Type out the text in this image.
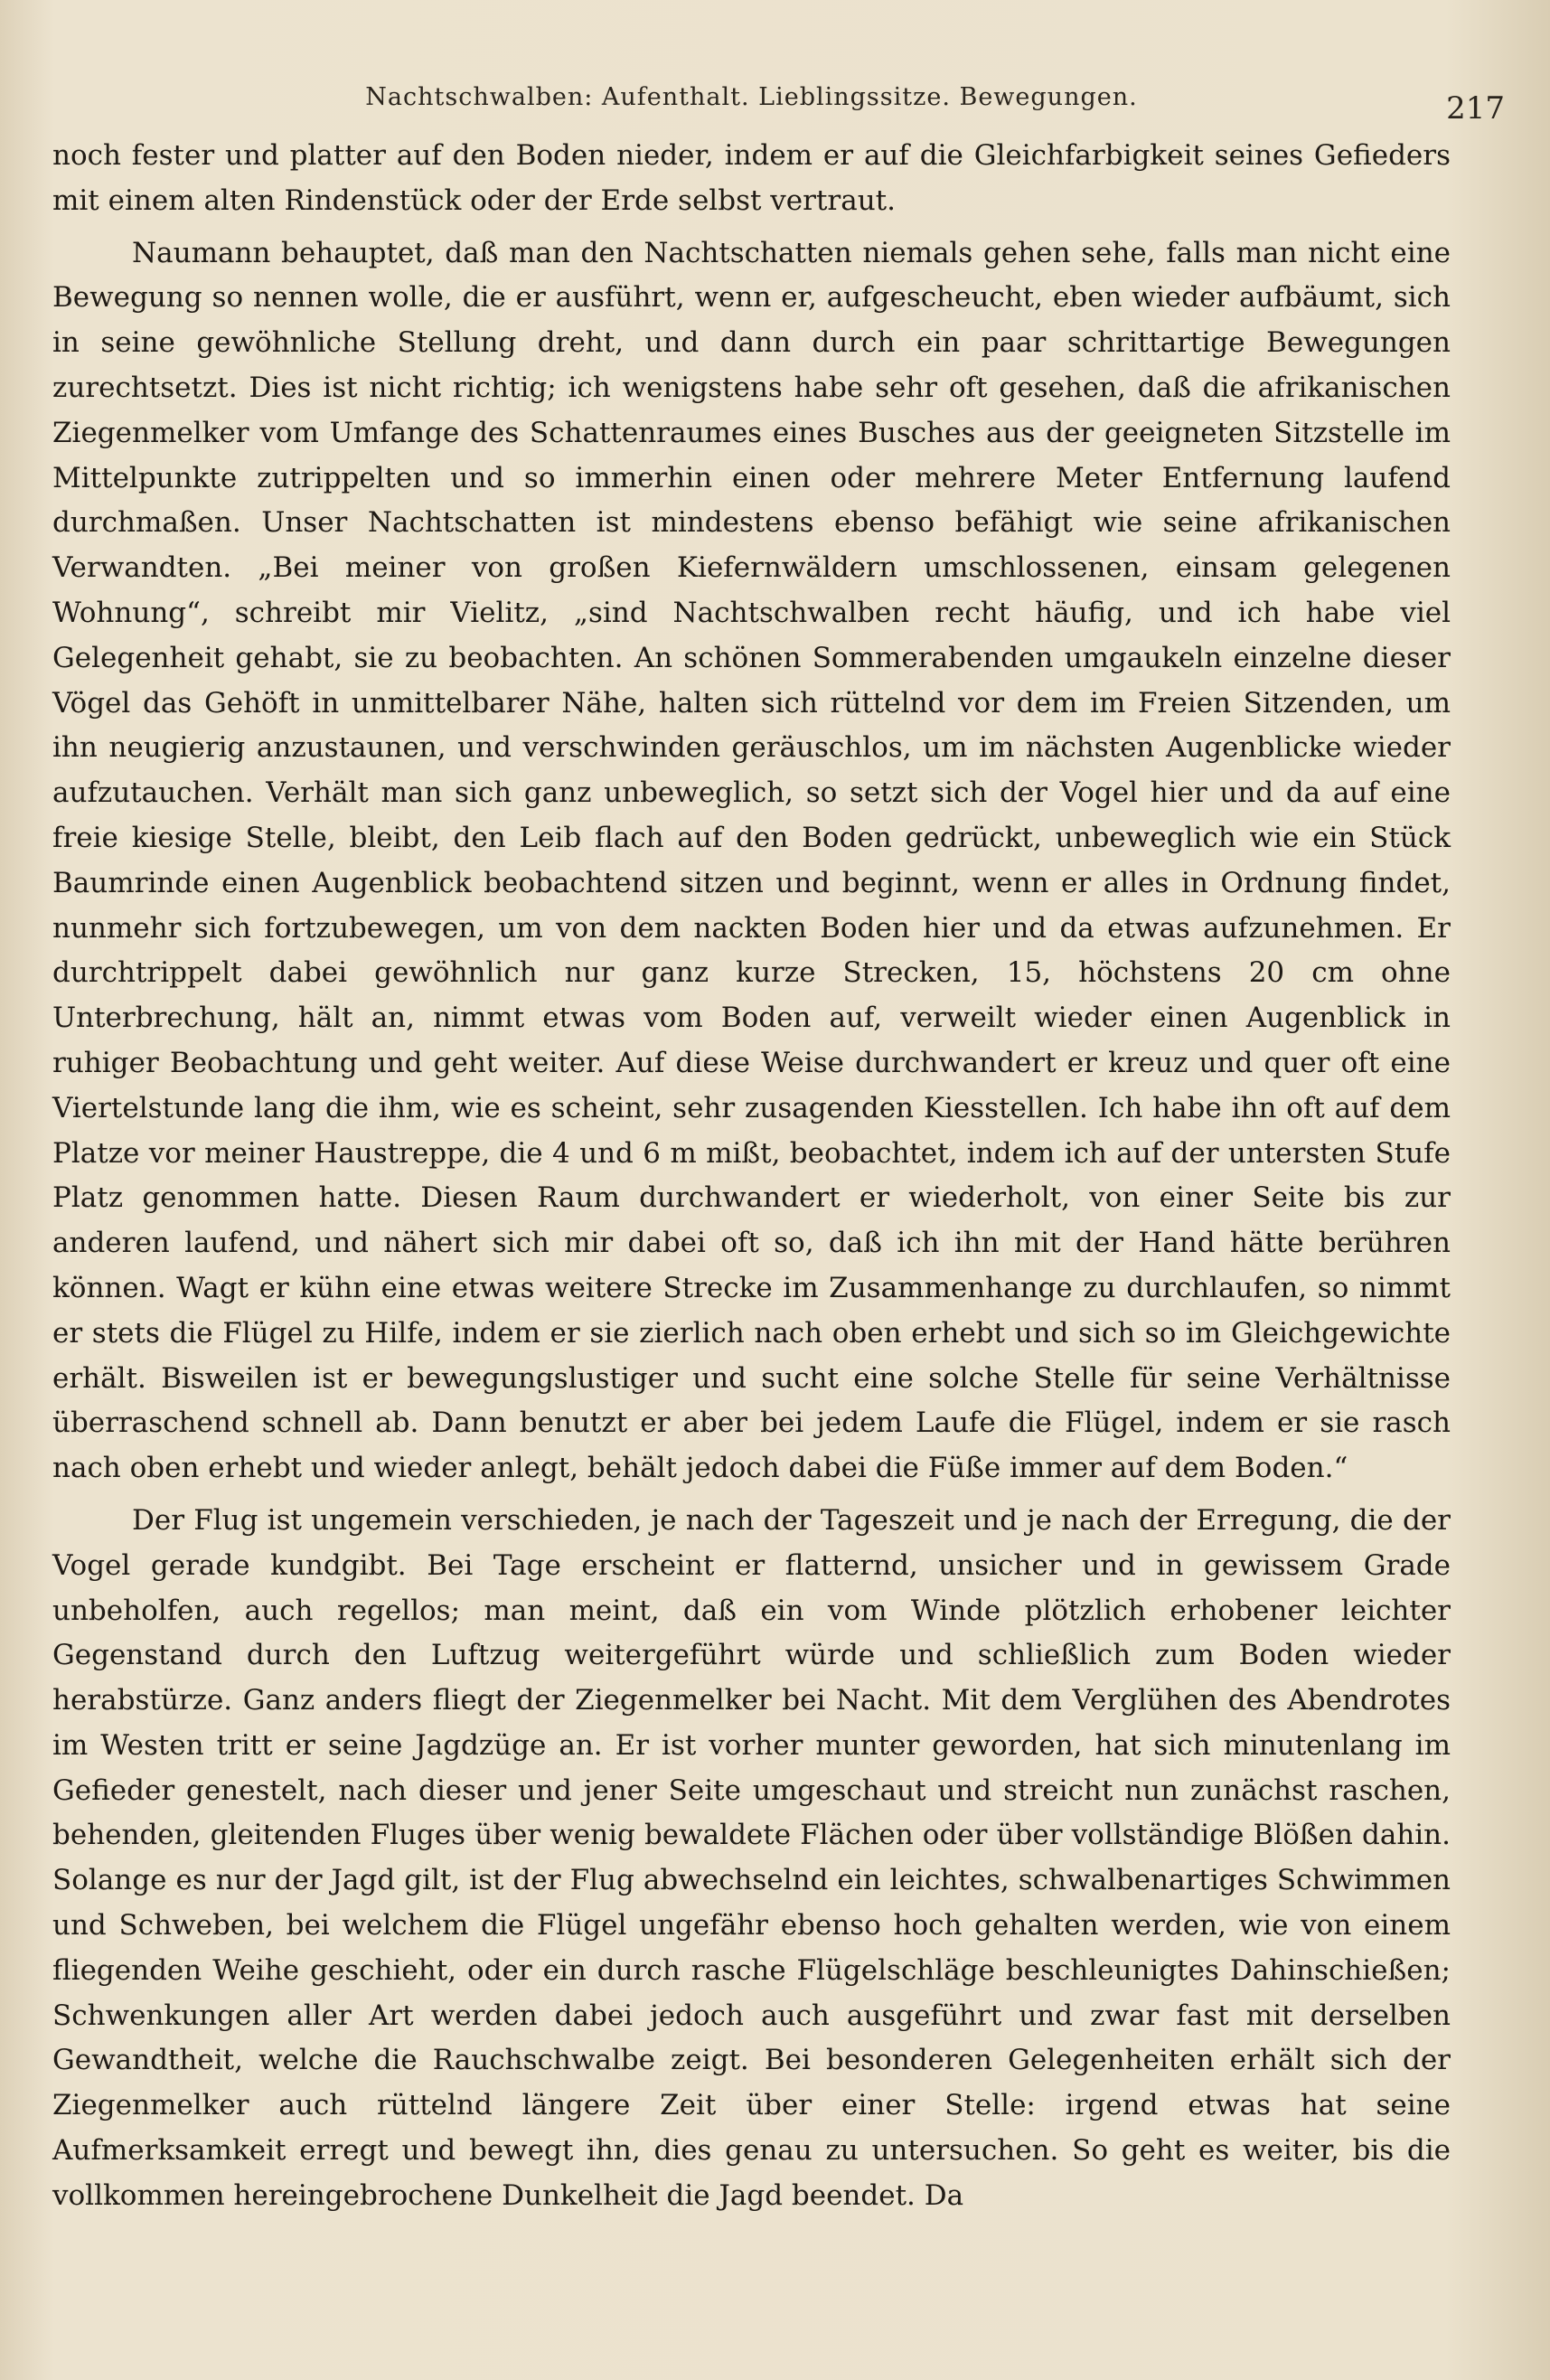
Nachtschwalben: Aufenthalt. Lieblingssitze. Bewegungen.	217

noch fester und platter auf den Boden nieder, indem er auf die Gleichfarbigkeit seines Gefieders mit einem alten Rindenstück oder der Erde selbst vertraut.

Naumann behauptet, daß man den Nachtschatten niemals gehen sehe, falls man nicht eine Bewegung so nennen wolle, die er ausführt, wenn er, aufgescheucht, eben wieder aufbäumt, sich in seine gewöhnliche Stellung dreht, und dann durch ein paar schrittartige Bewegungen zurechtsetzt. Dies ist nicht richtig; ich wenigstens habe sehr oft gesehen, daß die afrikanischen Ziegenmelker vom Umfange des Schattenraumes eines Busches aus der geeigneten Sitzstelle im Mittelpunkte zutrippelten und so immerhin einen oder mehrere Meter Entfernung laufend durchmaßen. Unser Nachtschatten ist mindestens ebenso befähigt wie seine afrikanischen Verwandten. „Bei meiner von großen Kiefernwäldern umschlossenen, einsam gelegenen Wohnung“, schreibt mir Vielitz, „sind Nachtschwalben recht häufig, und ich habe viel Gelegenheit gehabt, sie zu beobachten. An schönen Sommerabenden umgaukeln einzelne dieser Vögel das Gehöft in unmittelbarer Nähe, halten sich rüttelnd vor dem im Freien Sitzenden, um ihn neugierig anzustaunen, und verschwinden geräuschlos, um im nächsten Augenblicke wieder aufzutauchen. Verhält man sich ganz unbeweglich, so setzt sich der Vogel hier und da auf eine freie kiesige Stelle, bleibt, den Leib flach auf den Boden gedrückt, unbeweglich wie ein Stück Baumrinde einen Augenblick beobachtend sitzen und beginnt, wenn er alles in Ordnung findet, nunmehr sich fortzubewegen, um von dem nackten Boden hier und da etwas aufzunehmen. Er durchtrippelt dabei gewöhnlich nur ganz kurze Strecken, 15, höchstens 20 cm ohne Unterbrechung, hält an, nimmt etwas vom Boden auf, verweilt wieder einen Augenblick in ruhiger Beobachtung und geht weiter. Auf diese Weise durchwandert er kreuz und quer oft eine Viertelstunde lang die ihm, wie es scheint, sehr zusagenden Kiesstellen. Ich habe ihn oft auf dem Platze vor meiner Haustreppe, die 4 und 6 m mißt, beobachtet, indem ich auf der untersten Stufe Platz genommen hatte. Diesen Raum durchwandert er wiederholt, von einer Seite bis zur anderen laufend, und nähert sich mir dabei oft so, daß ich ihn mit der Hand hätte berühren können. Wagt er kühn eine etwas weitere Strecke im Zusammenhange zu durchlaufen, so nimmt er stets die Flügel zu Hilfe, indem er sie zierlich nach oben erhebt und sich so im Gleichgewichte erhält. Bisweilen ist er bewegungslustiger und sucht eine solche Stelle für seine Verhältnisse überraschend schnell ab. Dann benutzt er aber bei jedem Laufe die Flügel, indem er sie rasch nach oben erhebt und wieder anlegt, behält jedoch dabei die Füße immer auf dem Boden.“

Der Flug ist ungemein verschieden, je nach der Tageszeit und je nach der Erregung, die der Vogel gerade kundgibt. Bei Tage erscheint er flatternd, unsicher und in gewissem Grade unbeholfen, auch regellos; man meint, daß ein vom Winde plötzlich erhobener leichter Gegenstand durch den Luftzug weitergeführt würde und schließlich zum Boden wieder herabstürze. Ganz anders fliegt der Ziegenmelker bei Nacht. Mit dem Verglühen des Abendrotes im Westen tritt er seine Jagdzüge an. Er ist vorher munter geworden, hat sich minutenlang im Gefieder genestelt, nach dieser und jener Seite umgeschaut und streicht nun zunächst raschen, behenden, gleitenden Fluges über wenig bewaldete Flächen oder über vollständige Blößen dahin. Solange es nur der Jagd gilt, ist der Flug abwechselnd ein leichtes, schwalbenartiges Schwimmen und Schweben, bei welchem die Flügel ungefähr ebenso hoch gehalten werden, wie von einem fliegenden Weihe geschieht, oder ein durch rasche Flügelschläge beschleunigtes Dahinschießen; Schwenkungen aller Art werden dabei jedoch auch ausgeführt und zwar fast mit derselben Gewandtheit, welche die Rauchschwalbe zeigt. Bei besonderen Gelegenheiten erhält sich der Ziegenmelker auch rüttelnd längere Zeit über einer Stelle: irgend etwas hat seine Aufmerksamkeit erregt und bewegt ihn, dies genau zu untersuchen. So geht es weiter, bis die vollkommen hereingebrochene Dunkelheit die Jagd beendet. Da
